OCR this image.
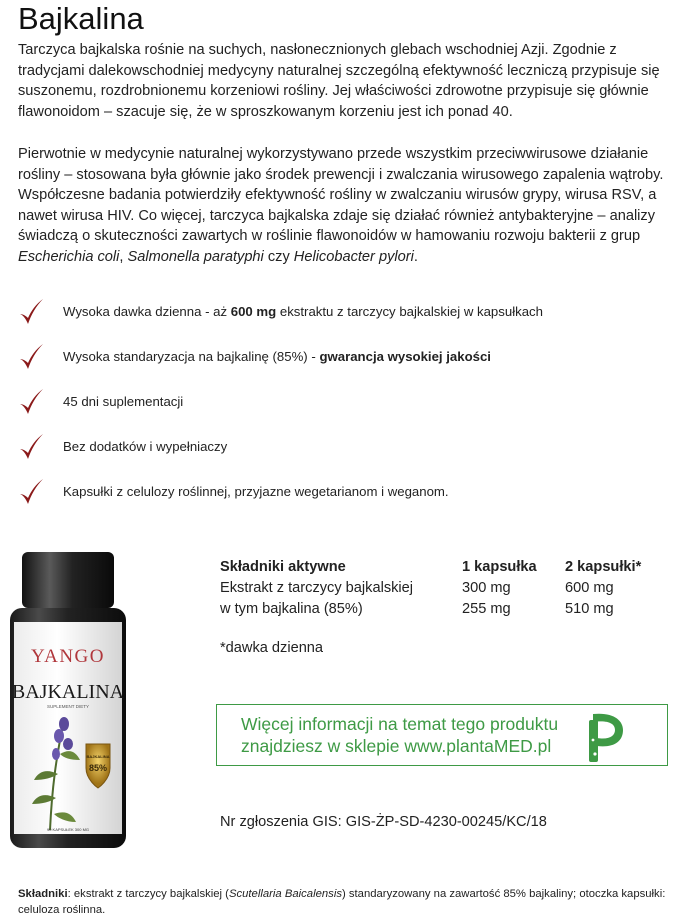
Bajkalina

Tarczyca bajkalska rośnie na suchych, nasłonecznionych glebach wschodniej Azji. Zgodnie z tradycjami dalekowschodniej medycyny naturalnej szczególną efektywność leczniczą przypisuje się suszonemu, rozdrobnionemu korzeniowi rośliny. Jej właściwości zdrowotne przypisuje się głównie flawonoidom – szacuje się, że w sproszkowanym korzeniu jest ich ponad 40.

Pierwotnie w medycynie naturalnej wykorzystywano przede wszystkim przeciwwirusowe działanie rośliny – stosowana była głównie jako środek prewencji i zwalczania wirusowego zapalenia wątroby. Współczesne badania potwierdziły efektywność rośliny w zwalczaniu wirusów grypy, wirusa RSV, a nawet wirusa HIV. Co więcej, tarczyca bajkalska zdaje się działać również antybakteryjne – analizy świadczą o skuteczności zawartych w roślinie flawonoidów w hamowaniu rozwoju bakterii z grup Escherichia coli, Salmonella paratyphi czy Helicobacter pylori.

Wysoka dawka dzienna - aż 600 mg ekstraktu z tarczycy bajkalskiej w kapsułkach
Wysoka standaryzacja na bajkalinę (85%) - gwarancja wysokiej jakości
45 dni suplementacji
Bez dodatków i wypełniaczy
Kapsułki z celulozy roślinnej, przyjazne wegetarianom i weganom.
YANGO
BAJKALINA
SUPLEMENT DIETY
BAJKALINA
85%
90 KAPSUŁEK 300 MG
Składniki aktywne	1 kapsułka	2 kapsułki*
Ekstrakt z tarczycy bajkalskiej	300 mg	600 mg
w tym bajkalina (85%)	255 mg	510 mg
*dawka dzienna
Więcej informacji na temat tego produktu
znajdziesz w sklepie www.plantaMED.pl
Nr zgłoszenia GIS: GIS-ŻP-SD-4230-00245/KC/18
Składniki: ekstrakt z tarczycy bajkalskiej (Scutellaria Baicalensis) standaryzowany na zawartość 85% bajkaliny; otoczka kapsułki: celuloza roślinna.
